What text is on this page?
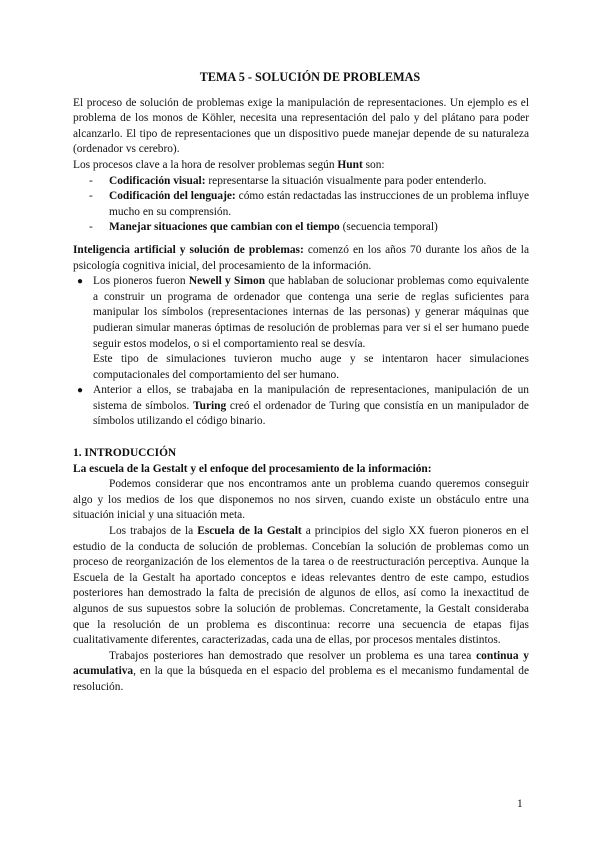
TEMA 5 - SOLUCIÓN DE PROBLEMAS

El proceso de solución de problemas exige la manipulación de representaciones. Un ejemplo es el problema de los monos de Köhler, necesita una representación del palo y del plátano para poder alcanzarlo. El tipo de representaciones que un dispositivo puede manejar depende de su naturaleza (ordenador vs cerebro).

Los procesos clave a la hora de resolver problemas según Hunt son:

- Codificación visual: representarse la situación visualmente para poder entenderlo.
- Codificación del lenguaje: cómo están redactadas las instrucciones de un problema influye mucho en su comprensión.
- Manejar situaciones que cambian con el tiempo (secuencia temporal)

Inteligencia artificial y solución de problemas: comenzó en los años 70 durante los años de la psicología cognitiva inicial, del procesamiento de la información.

● Los pioneros fueron Newell y Simon que hablaban de solucionar problemas como equivalente a construir un programa de ordenador que contenga una serie de reglas suficientes para manipular los símbolos (representaciones internas de las personas) y generar máquinas que pudieran simular maneras óptimas de resolución de problemas para ver si el ser humano puede seguir estos modelos, o si el comportamiento real se desvía.

Este tipo de simulaciones tuvieron mucho auge y se intentaron hacer simulaciones computacionales del comportamiento del ser humano.

● Anterior a ellos, se trabajaba en la manipulación de representaciones, manipulación de un sistema de símbolos. Turing creó el ordenador de Turing que consistía en un manipulador de símbolos utilizando el código binario.

1. INTRODUCCIÓN

La escuela de la Gestalt y el enfoque del procesamiento de la información:

Podemos considerar que nos encontramos ante un problema cuando queremos conseguir algo y los medios de los que disponemos no nos sirven, cuando existe un obstáculo entre una situación inicial y una situación meta.

Los trabajos de la Escuela de la Gestalt a principios del siglo XX fueron pioneros en el estudio de la conducta de solución de problemas. Concebían la solución de problemas como un proceso de reorganización de los elementos de la tarea o de reestructuración perceptiva. Aunque la Escuela de la Gestalt ha aportado conceptos e ideas relevantes dentro de este campo, estudios posteriores han demostrado la falta de precisión de algunos de ellos, así como la inexactitud de algunos de sus supuestos sobre la solución de problemas. Concretamente, la Gestalt consideraba que la resolución de un problema es discontinua: recorre una secuencia de etapas fijas cualitativamente diferentes, caracterizadas, cada una de ellas, por procesos mentales distintos.

Trabajos posteriores han demostrado que resolver un problema es una tarea continua y acumulativa, en la que la búsqueda en el espacio del problema es el mecanismo fundamental de resolución.

1
